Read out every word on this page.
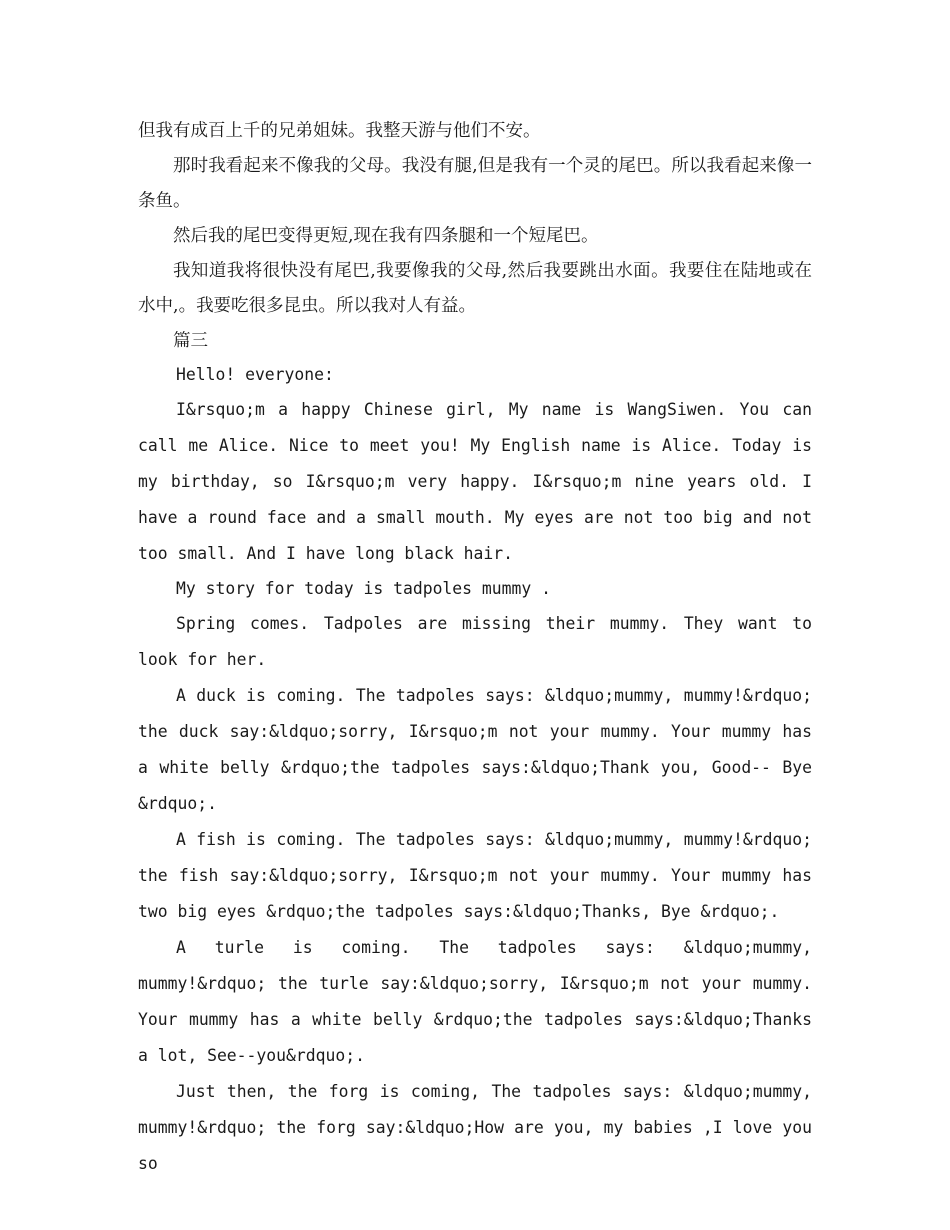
但我有成百上千的兄弟姐妹。我整天游与他们不安。

那时我看起来不像我的父母。我没有腿,但是我有一个灵的尾巴。所以我看起来像一条鱼。

然后我的尾巴变得更短,现在我有四条腿和一个短尾巴。

我知道我将很快没有尾巴,我要像我的父母,然后我要跳出水面。我要住在陆地或在水中,。我要吃很多昆虫。所以我对人有益。

篇三

Hello! everyone:

I&rsquo;m a happy Chinese girl, My name is WangSiwen. You can call me Alice. Nice to meet you! My English name is Alice. Today is my birthday, so I&rsquo;m very happy. I&rsquo;m nine years old. I have a round face and a small mouth. My eyes are not too big and not too small. And I have long black hair.

My story for today is tadpoles mummy .

Spring comes. Tadpoles are missing their mummy. They want to look for her.

A duck is coming. The tadpoles says: &ldquo;mummy, mummy!&rdquo; the duck say:&ldquo;sorry, I&rsquo;m not your mummy. Your mummy has a white belly &rdquo;the tadpoles says:&ldquo;Thank you, Good-- Bye &rdquo;.

A fish is coming. The tadpoles says: &ldquo;mummy, mummy!&rdquo; the fish say:&ldquo;sorry, I&rsquo;m not your mummy. Your mummy has two big eyes &rdquo;the tadpoles says:&ldquo;Thanks, Bye &rdquo;.

A turle is coming. The tadpoles says: &ldquo;mummy, mummy!&rdquo; the turle say:&ldquo;sorry, I&rsquo;m not your mummy. Your mummy has a white belly &rdquo;the tadpoles says:&ldquo;Thanks a lot, See--you&rdquo;.

Just then, the forg is coming, The tadpoles says: &ldquo;mummy, mummy!&rdquo; the forg say:&ldquo;How are you, my babies ,I love you so
